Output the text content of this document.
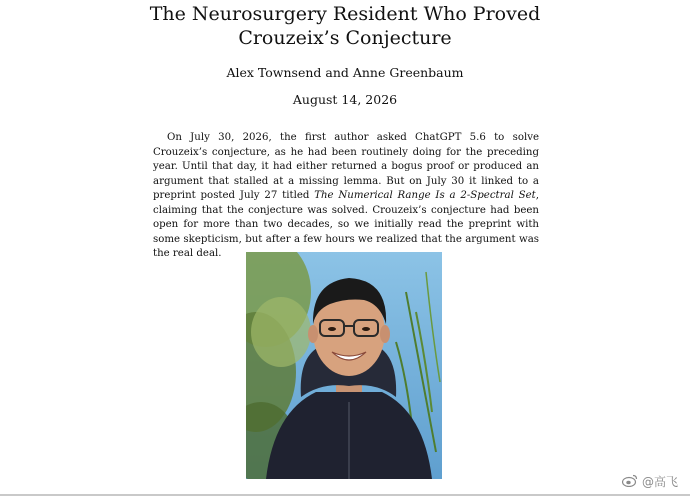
The Neurosurgery Resident Who Proved
Crouzeix’s Conjecture
Alex Townsend and Anne Greenbaum
August 14, 2026

On July 30, 2026, the first author asked ChatGPT 5.6 to solve Crouzeix’s conjecture, as he had been routinely doing for the preceding year. Until that day, it had either returned a bogus proof or produced an argument that stalled at a missing lemma. But on July 30 it linked to a preprint posted July 27 titled The Numerical Range Is a 2-Spectral Set, claiming that the conjecture was solved. Crouzeix’s conjecture had been open for more than two decades, so we initially read the preprint with some skepticism, but after a few hours we realized that the argument was the real deal.

@高飞
